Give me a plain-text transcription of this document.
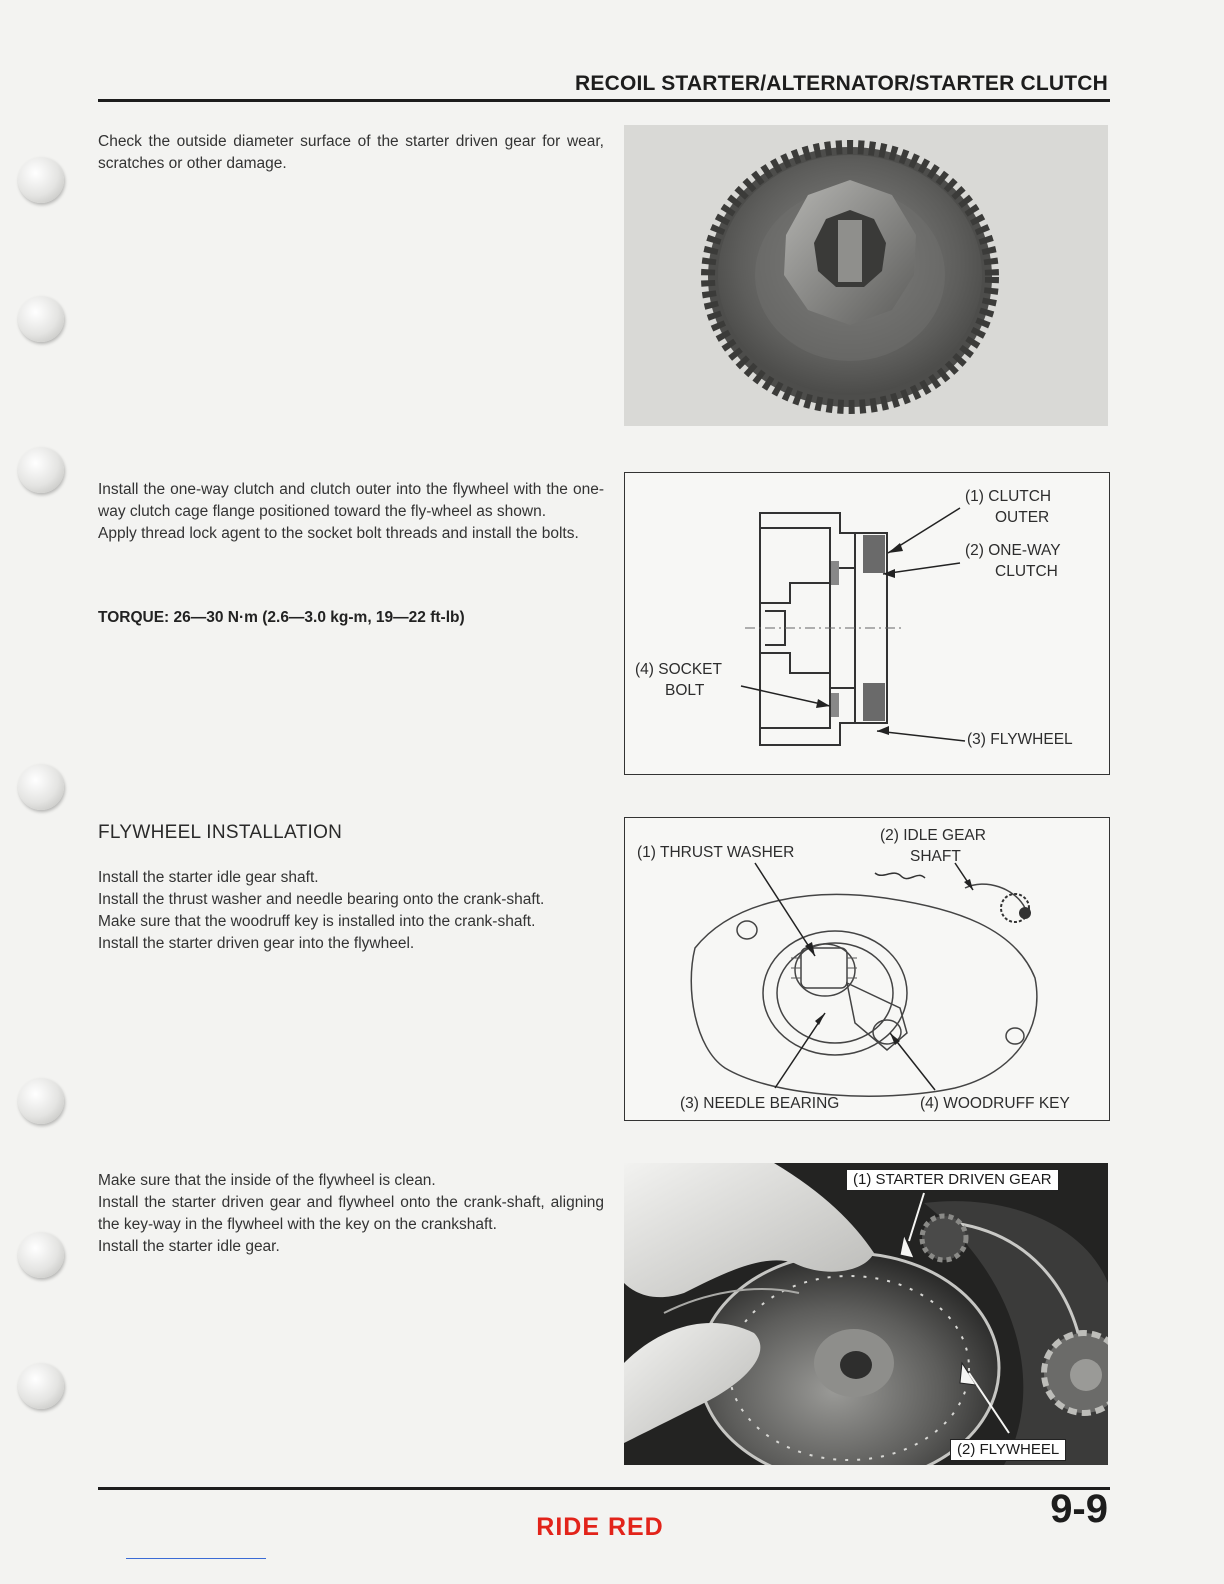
RECOIL STARTER/ALTERNATOR/STARTER CLUTCH

Check the outside diameter surface of the starter driven gear for wear, scratches or other damage.

Install the one-way clutch and clutch outer into the flywheel with the one-way clutch cage flange positioned toward the fly-wheel as shown.

Apply thread lock agent to the socket bolt threads and install the bolts.

TORQUE: 26—30 N·m (2.6—3.0 kg-m, 19—22 ft-lb)
(1) CLUTCH
OUTER
(2) ONE-WAY
CLUTCH
(3) FLYWHEEL
(4) SOCKET
BOLT
FLYWHEEL INSTALLATION

Install the starter idle gear shaft.

Install the thrust washer and needle bearing onto the crank-shaft.

Make sure that the woodruff key is installed into the crank-shaft.

Install the starter driven gear into the flywheel.

(1) THRUST WASHER
(2) IDLE GEAR
SHAFT
(3) NEEDLE BEARING	(4) WOODRUFF KEY

Make sure that the inside of the flywheel is clean.

Install the starter driven gear and flywheel onto the crank-shaft, aligning the key-way in the flywheel with the key on the crankshaft.

Install the starter idle gear.

(1) STARTER DRIVEN GEAR
(2) FLYWHEEL
RIDE RED	9-9
